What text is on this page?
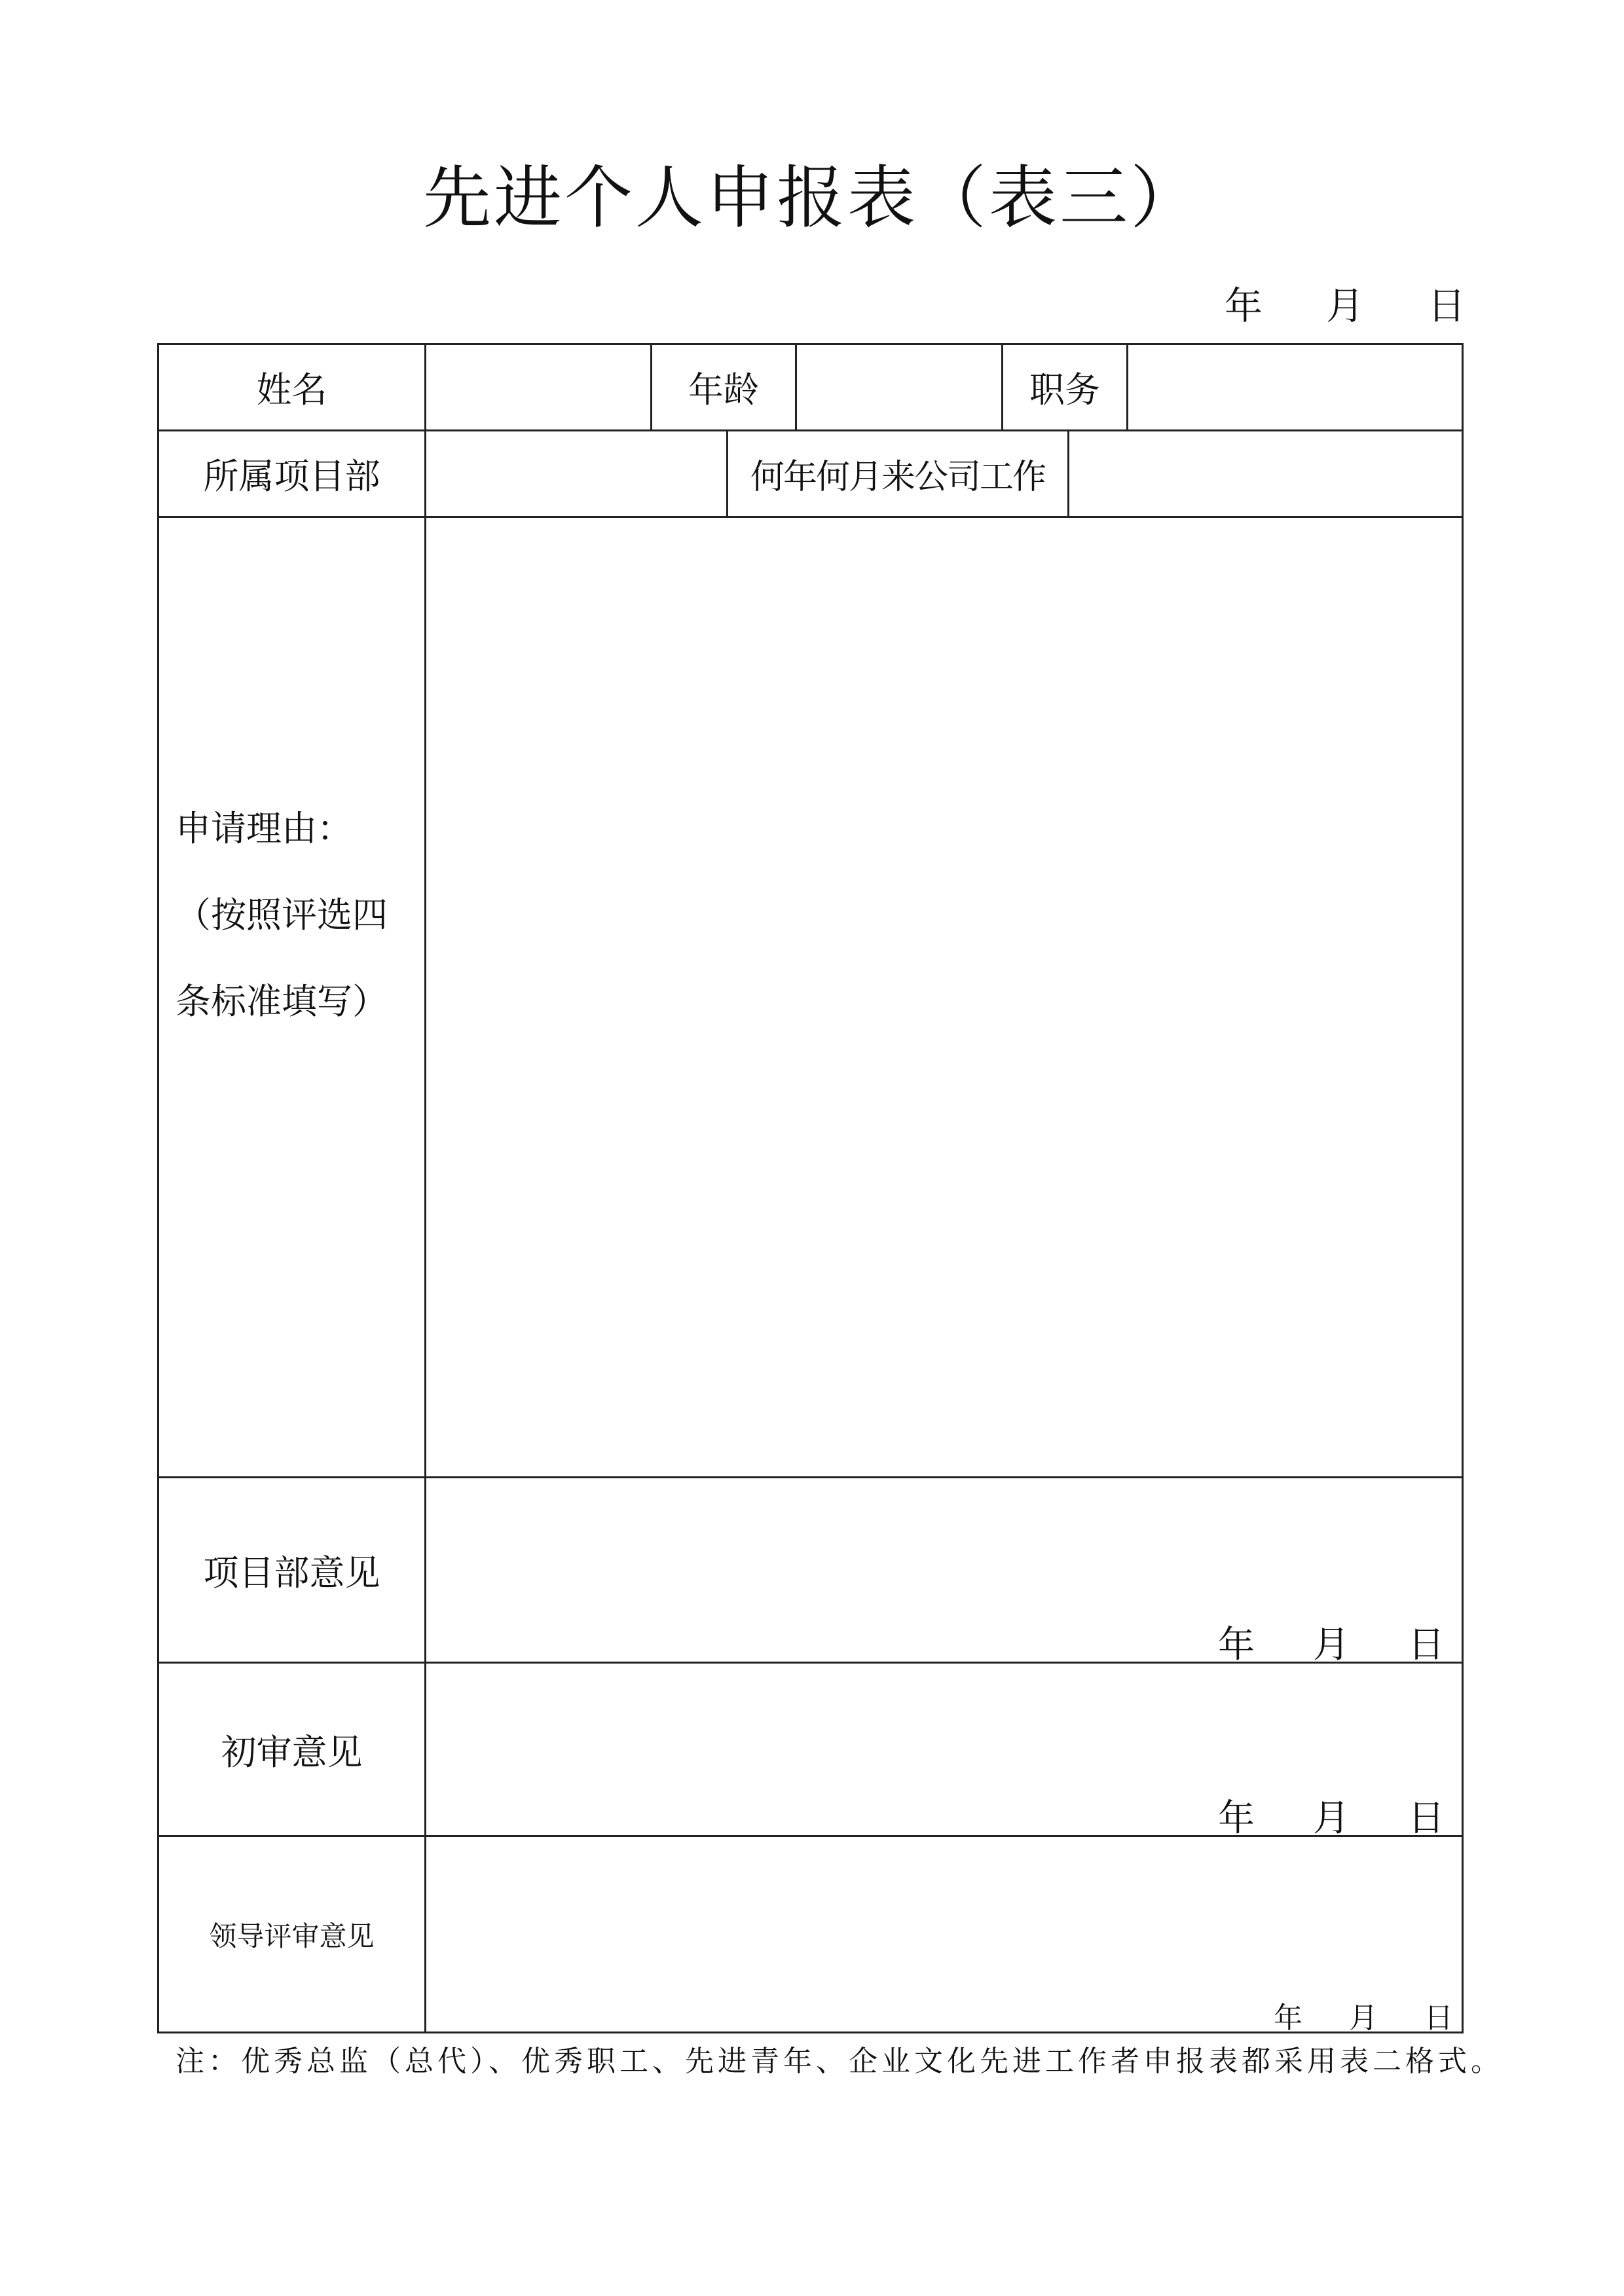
先进个人申报表（表三）
年 月 日
姓名	年龄	职务
所属项目部	何年何月来公司工作
申请理由：
（按照评选四
条标准填写）
项目部意见
年 月 日
初审意见
年 月 日
领导评审意见
年 月 日
注：优秀总监（总代）、优秀职工、先进青年、企业文化先进工作者申报表都采用表二格式。
